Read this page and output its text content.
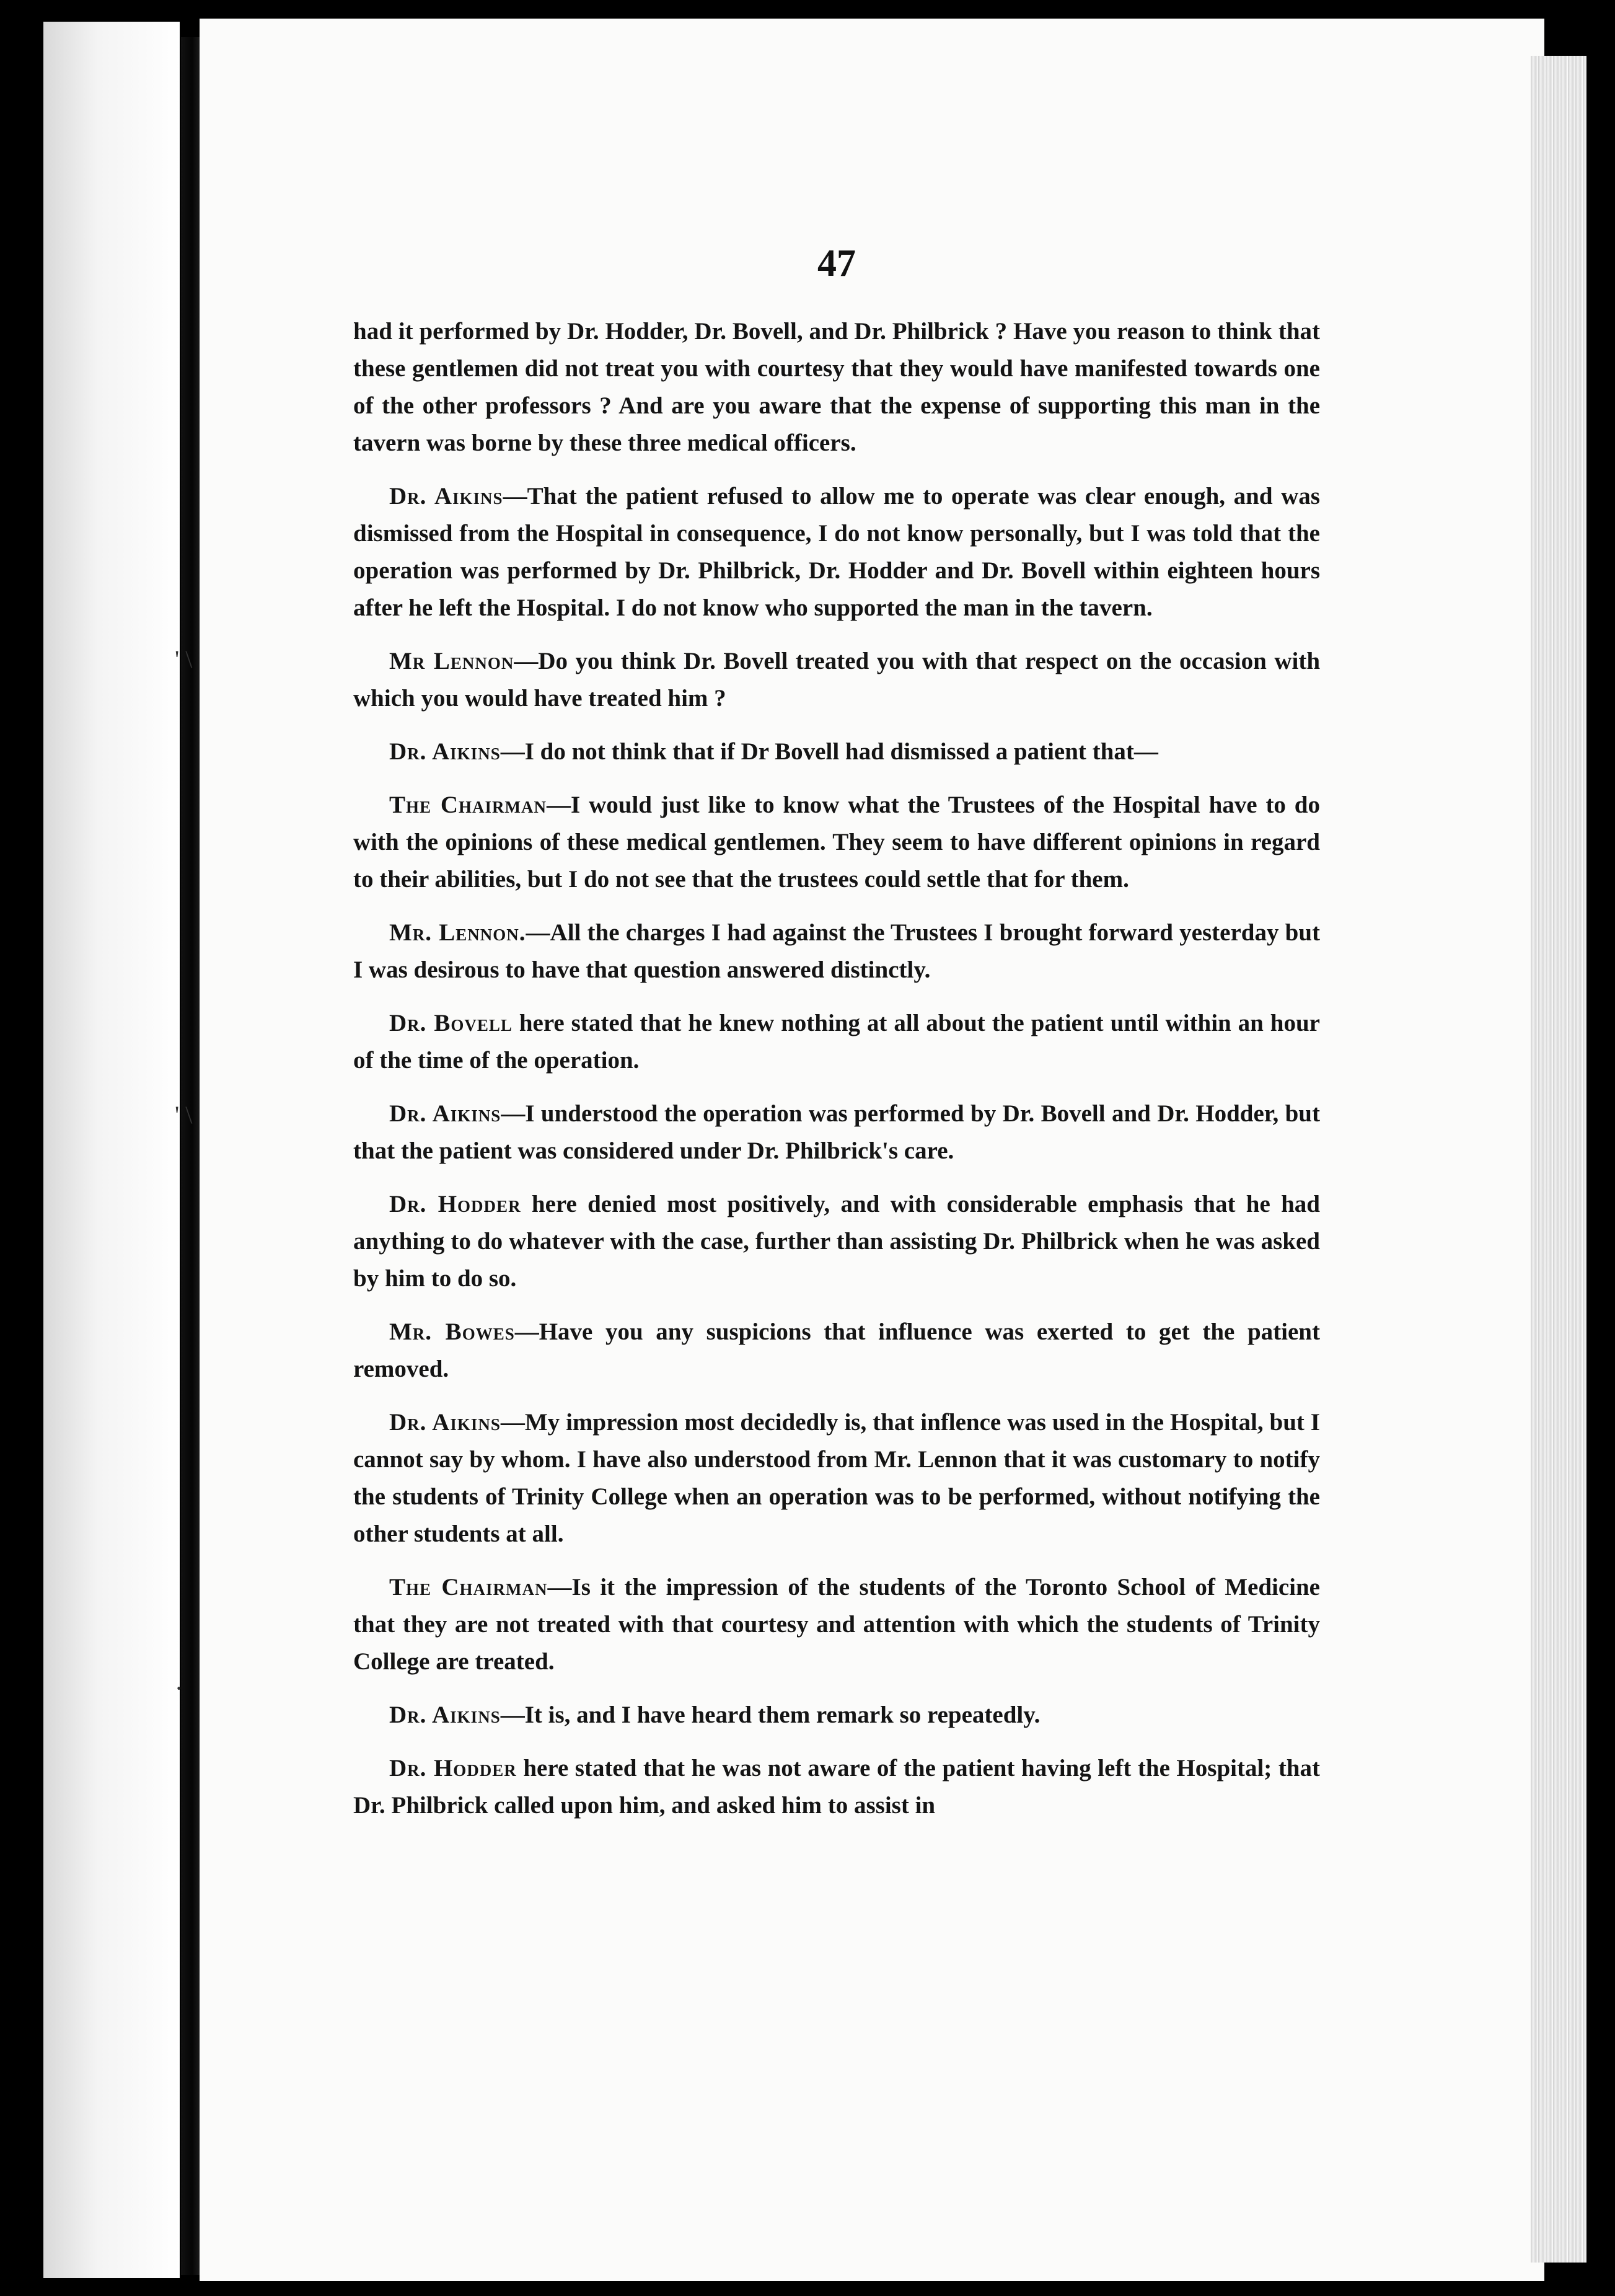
' \
' \
·
47

had it performed by Dr. Hodder, Dr. Bovell, and Dr. Philbrick ? Have you reason to think that these gentlemen did not treat you with courtesy that they would have manifested towards one of the other professors ? And are you aware that the expense of supporting this man in the tavern was borne by these three medical officers.

Dr. Aikins—That the patient refused to allow me to operate was clear enough, and was dismissed from the Hospital in consequence, I do not know personally, but I was told that the operation was performed by Dr. Philbrick, Dr. Hodder and Dr. Bovell within eighteen hours after he left the Hospital. I do not know who supported the man in the tavern.

Mr Lennon—Do you think Dr. Bovell treated you with that respect on the occasion with which you would have treated him ?

Dr. Aikins—I do not think that if Dr Bovell had dismissed a patient that—

The Chairman—I would just like to know what the Trustees of the Hospital have to do with the opinions of these medical gentlemen. They seem to have different opinions in regard to their abilities, but I do not see that the trustees could settle that for them.

Mr. Lennon.—All the charges I had against the Trustees I brought forward yesterday but I was desirous to have that question answered distinctly.

Dr. Bovell here stated that he knew nothing at all about the patient until within an hour of the time of the operation.

Dr. Aikins—I understood the operation was performed by Dr. Bovell and Dr. Hodder, but that the patient was considered under Dr. Philbrick's care.

Dr. Hodder here denied most positively, and with considerable emphasis that he had anything to do whatever with the case, further than assisting Dr. Philbrick when he was asked by him to do so.

Mr. Bowes—Have you any suspicions that influence was exerted to get the patient removed.

Dr. Aikins—My impression most decidedly is, that inflence was used in the Hospital, but I cannot say by whom. I have also understood from Mr. Lennon that it was customary to notify the students of Trinity College when an operation was to be performed, without notifying the other students at all.

The Chairman—Is it the impression of the students of the Toronto School of Medicine that they are not treated with that courtesy and attention with which the students of Trinity College are treated.

Dr. Aikins—It is, and I have heard them remark so repeatedly.

Dr. Hodder here stated that he was not aware of the patient having left the Hospital; that Dr. Philbrick called upon him, and asked him to assist in
